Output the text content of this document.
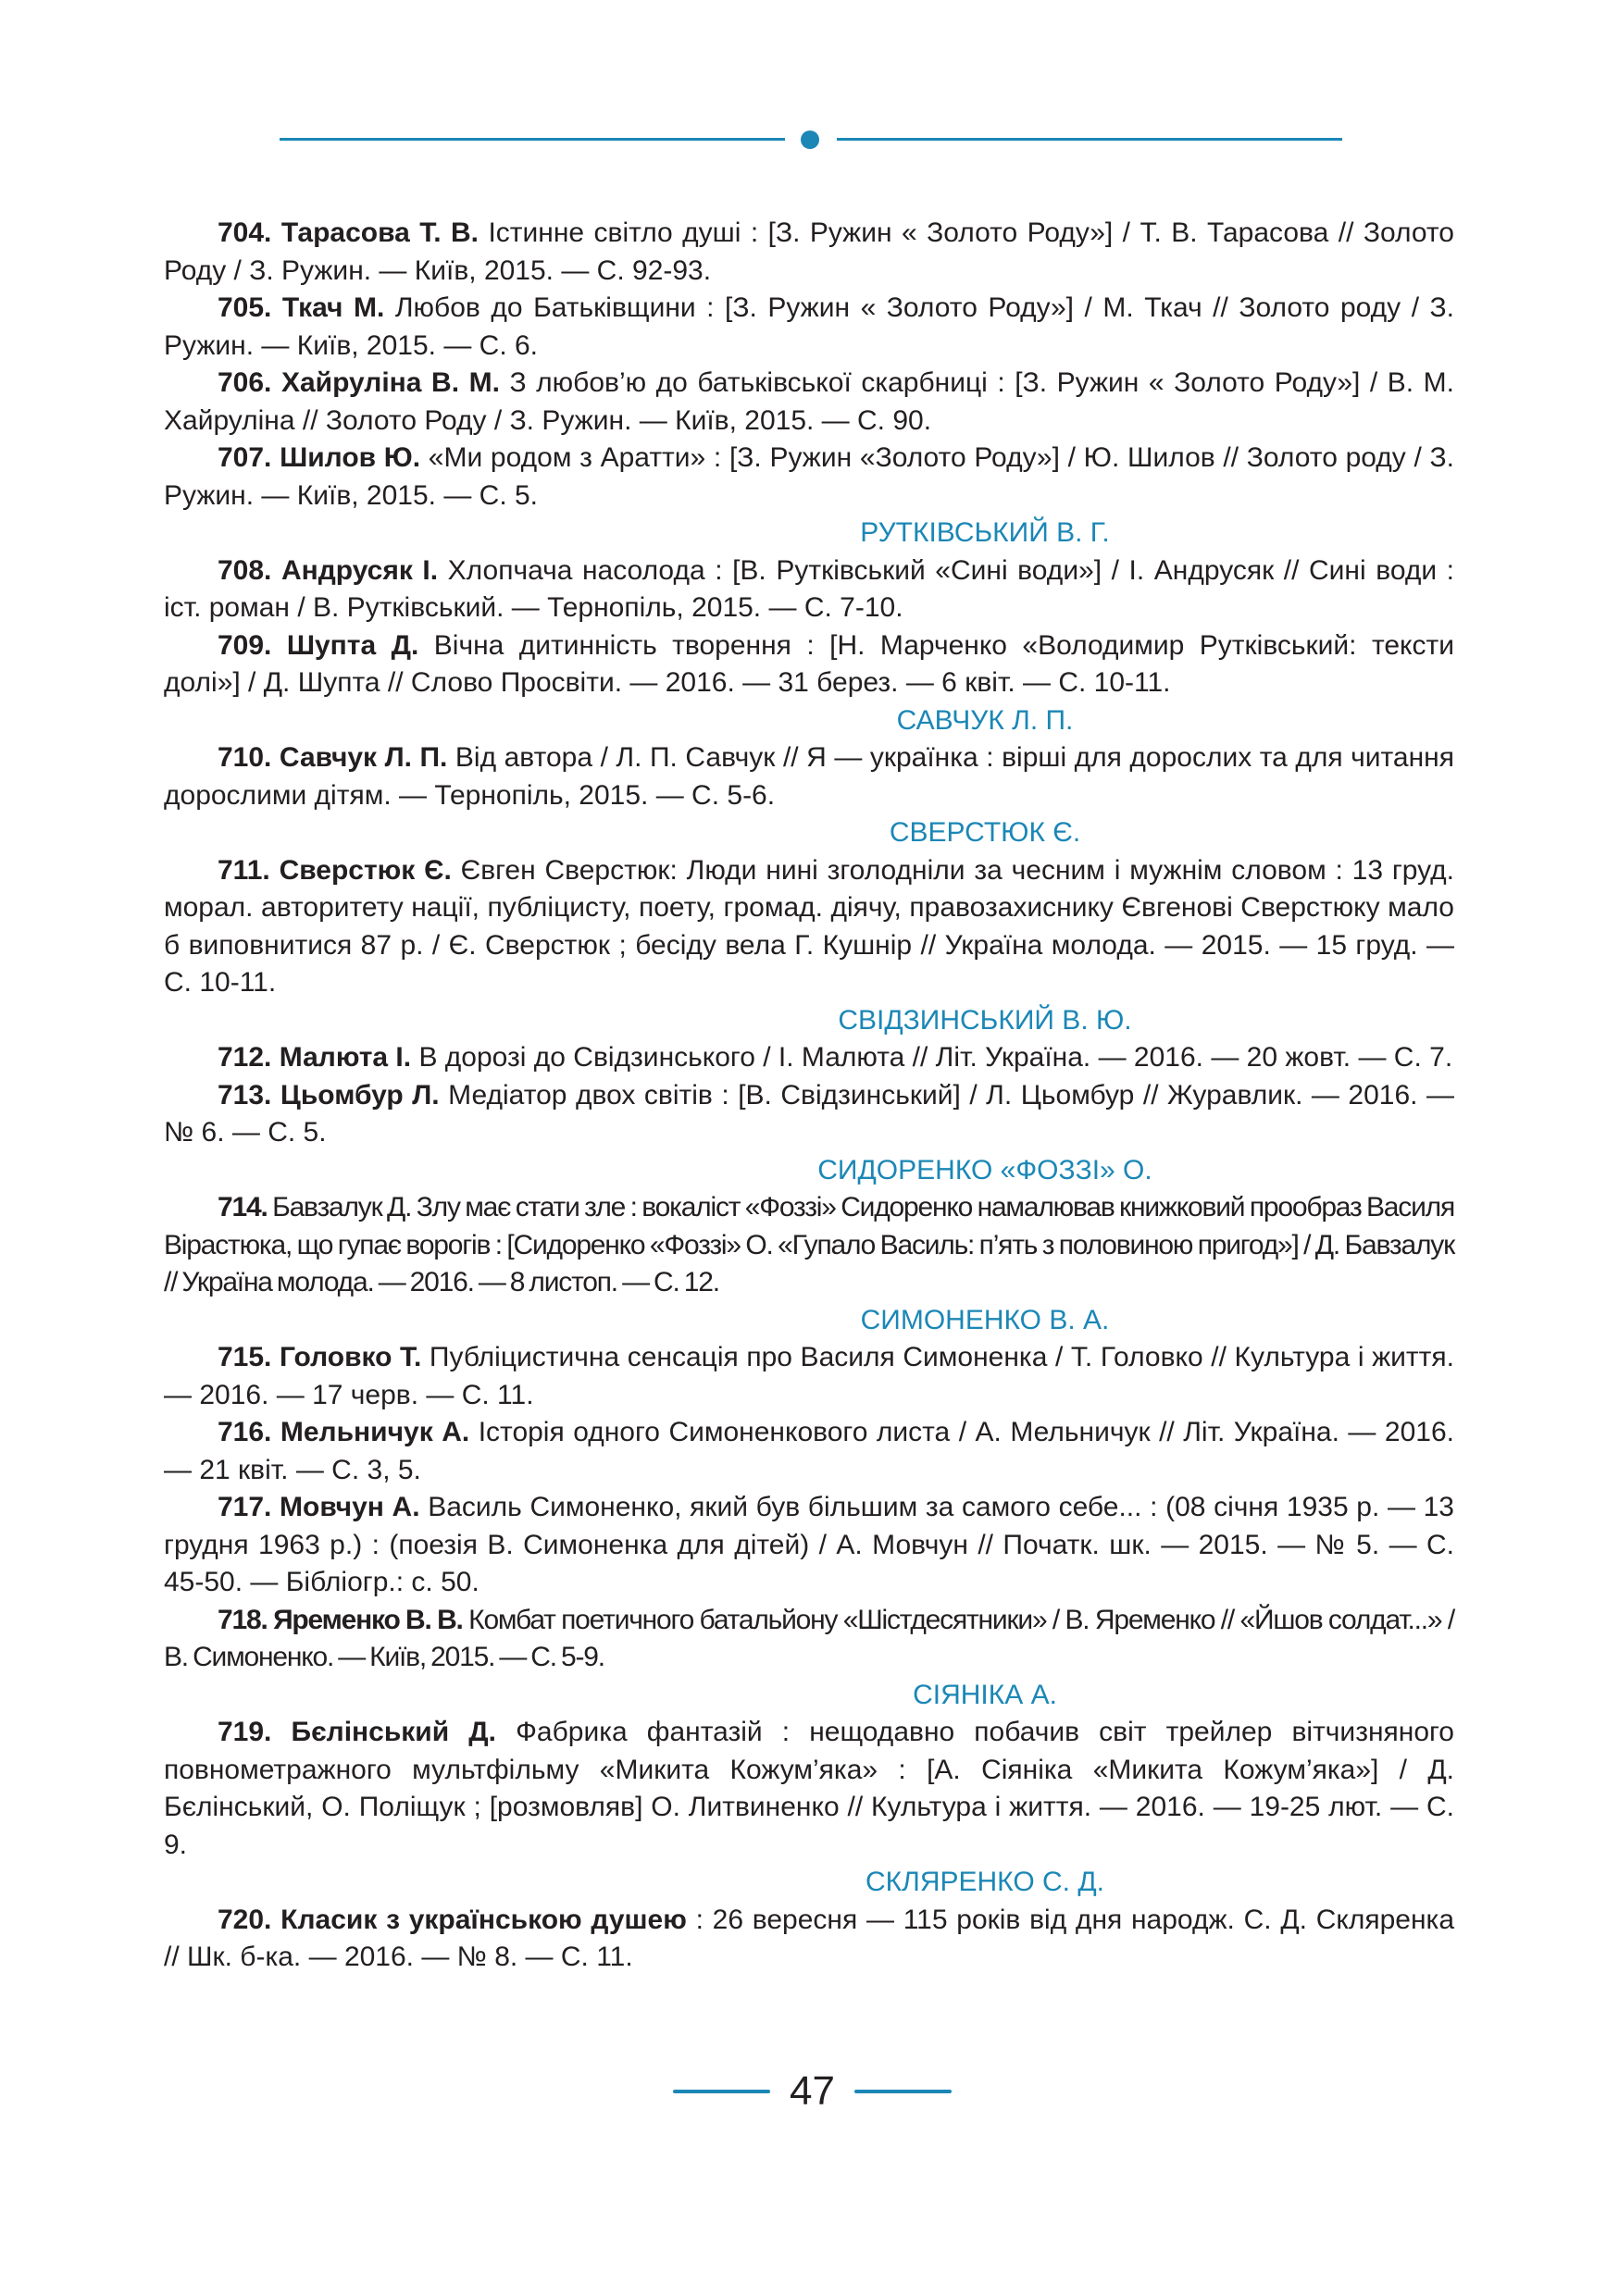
704. Тарасова Т. В. Істинне світло душі : [З. Ружин « Золото Роду»] / Т. В. Тарасова // Золото Роду / З. Ружин. — Київ, 2015. — С. 92-93.

705. Ткач М. Любов до Батьківщини : [З. Ружин « Золото Роду»] / М. Ткач // Золото роду / З. Ружин. — Київ, 2015. — С. 6.

706. Хайруліна В. М. З любов’ю до батьківської скарбниці : [З. Ружин « Золото Роду»] / В. М. Хайруліна // Золото Роду / З. Ружин. — Київ, 2015. — С. 90.

707. Шилов Ю. «Ми родом з Аратти» : [З. Ружин «Золото Роду»] / Ю. Шилов // Золото роду / З. Ружин. — Київ, 2015. — С. 5.

РУТКІВСЬКИЙ В. Г.

708. Андрусяк І. Хлопчача насолода : [В. Рутківський «Сині води»] / І. Андрусяк // Сині води : іст. роман / В. Рутківський. — Тернопіль, 2015. — С. 7-10.

709. Шупта Д. Вічна дитинність творення : [Н. Марченко «Володимир Рутківський: тексти долі»] / Д. Шупта // Слово Просвіти. — 2016. — 31 берез. — 6 квіт. — С. 10-11.

САВЧУК Л. П.

710. Савчук Л. П. Від автора / Л. П. Савчук // Я — українка : вірші для дорослих та для читання дорослими дітям. — Тернопіль, 2015. — С. 5-6.

СВЕРСТЮК Є.

711. Сверстюк Є. Євген Сверстюк: Люди нині зголодніли за чесним і мужнім словом : 13 груд. морал. авторитету нації, публіцисту, поету, громад. діячу, правозахиснику Євгенові Сверстюку мало б виповнитися 87 р. / Є. Сверстюк ; бесіду вела Г. Кушнір // Україна молода. — 2015. — 15 груд. — С. 10-11.

СВІДЗИНСЬКИЙ В. Ю.

712. Малюта І. В дорозі до Свідзинського / І. Малюта // Літ. Україна. — 2016. — 20 жовт. — С. 7.

713. Цьомбур Л. Медіатор двох світів : [В. Свідзинський] / Л. Цьомбур // Журавлик. — 2016. — № 6. — С. 5.

СИДОРЕНКО «ФОЗЗІ» О.

714. Бавзалук Д. Злу має стати зле : вокаліст «Фоззі» Сидоренко намалював книжковий прообраз Василя Вірастюка, що гупає ворогів : [Сидоренко «Фоззі» О. «Гупало Василь: п’ять з половиною пригод»] / Д. Бавзалук // Україна молода. — 2016. — 8 листоп. — С. 12.

СИМОНЕНКО В. А.

715. Головко Т. Публіцистична сенсація про Василя Симоненка / Т. Головко // Культура і життя. — 2016. — 17 черв. — С. 11.

716. Мельничук А. Історія одного Симоненкового листа / А. Мельничук // Літ. Україна. — 2016. — 21 квіт. — С. 3, 5.

717. Мовчун А. Василь Симоненко, який був більшим за самого себе... : (08 січня 1935 р. — 13 грудня 1963 р.) : (поезія В. Симоненка для дітей) / А. Мовчун // Початк. шк. — 2015. — № 5. — С. 45-50. — Бібліогр.: с. 50.

718. Яременко В. В. Комбат поетичного батальйону «Шістдесятники» / В. Яременко // «Йшов солдат...» / В. Симоненко. — Київ, 2015. — С. 5-9.

СІЯНІКА А.

719. Бєлінський Д. Фабрика фантазій : нещодавно побачив світ трейлер вітчизняного повнометражного мультфільму «Микита Кожум’яка» : [А. Сіяніка «Микита Кожум’яка»] / Д. Бєлінський, О. Поліщук ; [розмовляв] О. Литвиненко // Культура і життя. — 2016. — 19-25 лют. — С. 9.

СКЛЯРЕНКО С. Д.

720. Класик з українською душею : 26 вересня — 115 років від дня народж. С. Д. Скляренка // Шк. б-ка. — 2016. — № 8. — С. 11.

47
